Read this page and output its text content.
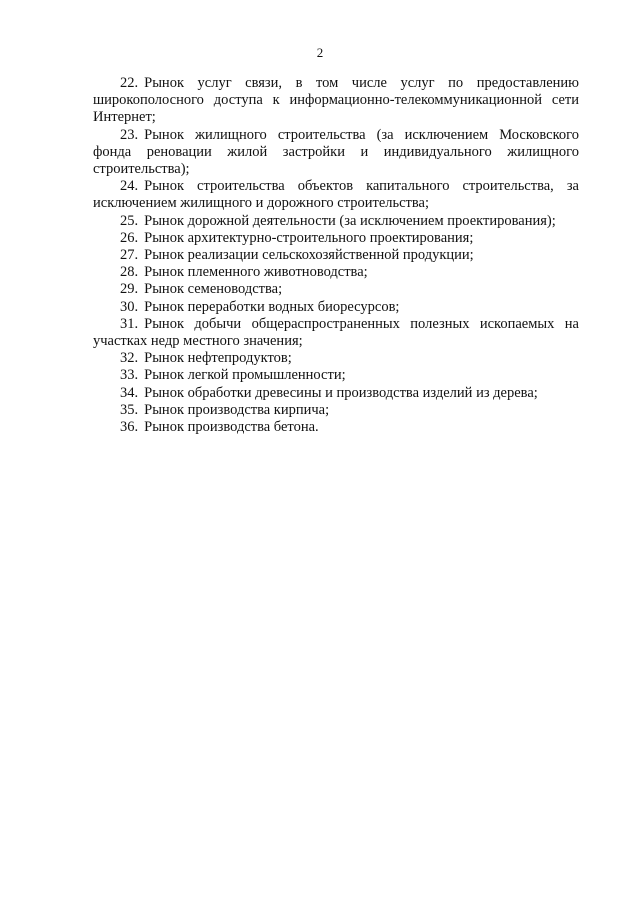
2

22. Рынок услуг связи, в том числе услуг по предоставлению широкополосного доступа к информационно-телекоммуникационной сети Интернет;

23. Рынок жилищного строительства (за исключением Московского фонда реновации жилой застройки и индивидуального жилищного строительства);

24. Рынок строительства объектов капитального строительства, за исключением жилищного и дорожного строительства;

25. Рынок дорожной деятельности (за исключением проектирования);

26. Рынок архитектурно-строительного проектирования;

27. Рынок реализации сельскохозяйственной продукции;

28. Рынок племенного животноводства;

29. Рынок семеноводства;

30. Рынок переработки водных биоресурсов;

31. Рынок добычи общераспространенных полезных ископаемых на участках недр местного значения;

32. Рынок нефтепродуктов;

33. Рынок легкой промышленности;

34. Рынок обработки древесины и производства изделий из дерева;

35. Рынок производства кирпича;

36. Рынок производства бетона.
